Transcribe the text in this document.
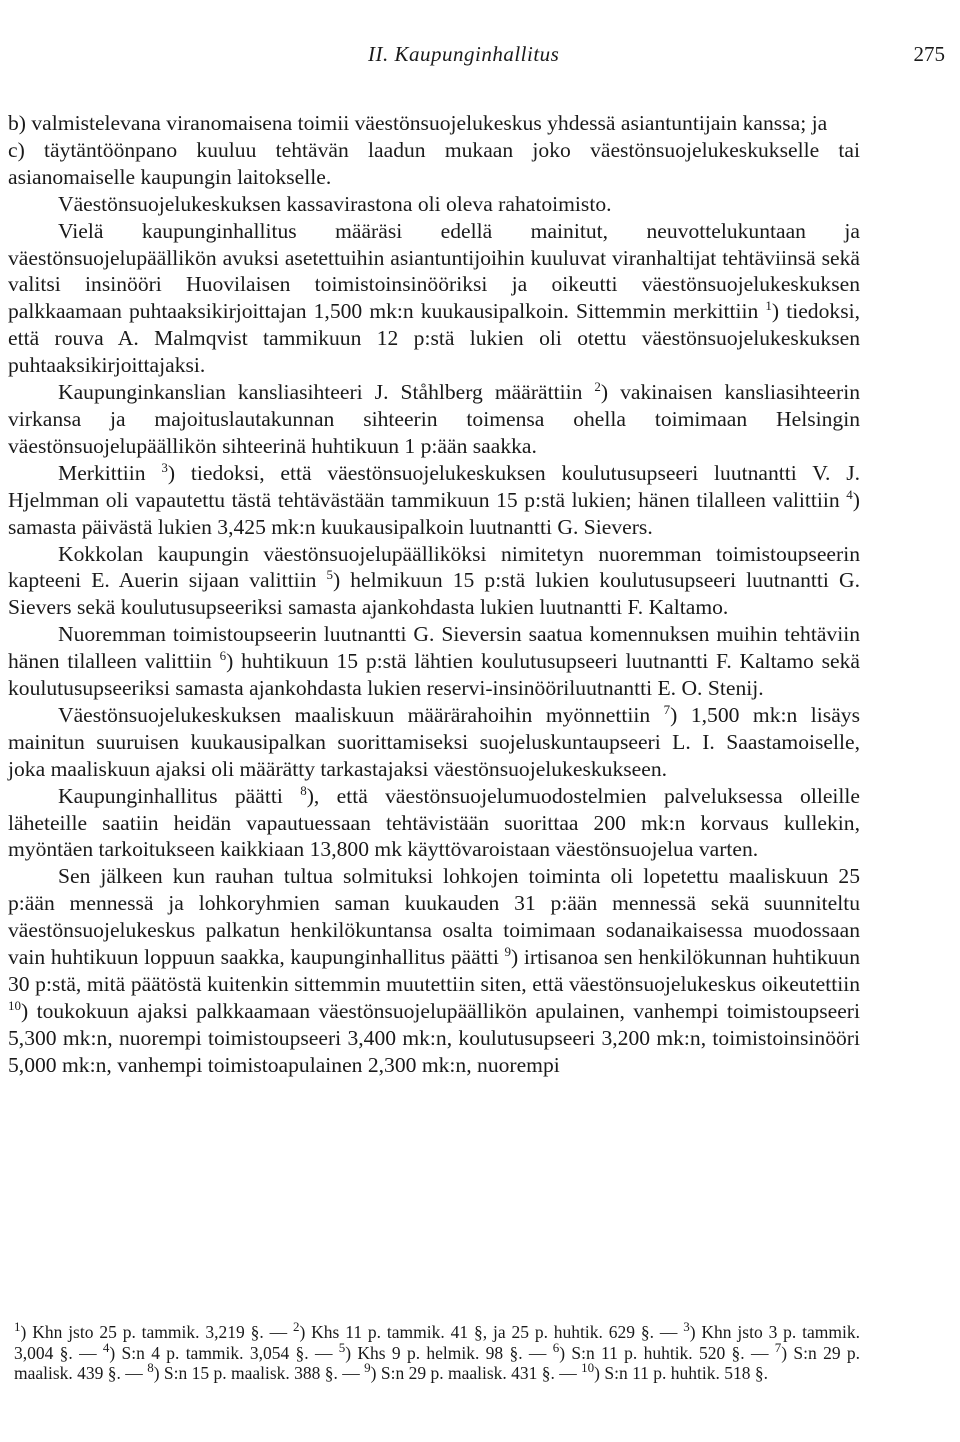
II. Kaupunginhallitus	275

b) valmistelevana viranomaisena toimii väestönsuojelukeskus yhdessä asiantuntijain kanssa; ja

c) täytäntöönpano kuuluu tehtävän laadun mukaan joko väestönsuojelukeskukselle tai asianomaiselle kaupungin laitokselle.

Väestönsuojelukeskuksen kassavirastona oli oleva rahatoimisto.

Vielä kaupunginhallitus määräsi edellä mainitut, neuvottelukuntaan ja väestönsuojelupäällikön avuksi asetettuihin asiantuntijoihin kuuluvat viranhaltijat tehtäviinsä sekä valitsi insinööri Huovilaisen toimistoinsinööriksi ja oikeutti väestönsuojelukeskuksen palkkaamaan puhtaaksikirjoittajan 1,500 mk:n kuukausipalkoin. Sittemmin merkittiin $^1$) tiedoksi, että rouva A. Malmqvist tammikuun 12 p:stä lukien oli otettu väestönsuojelukeskuksen puhtaaksikirjoittajaksi.

Kaupunginkanslian kansliasihteeri J. Ståhlberg määrättiin $^2$) vakinaisen kansliasihteerin virkansa ja majoituslautakunnan sihteerin toimensa ohella toimimaan Helsingin väestönsuojelupäällikön sihteerinä huhtikuun 1 p:ään saakka.

Merkittiin $^3$) tiedoksi, että väestönsuojelukeskuksen koulutusupseeri luutnantti V. J. Hjelmman oli vapautettu tästä tehtävästään tammikuun 15 p:stä lukien; hänen tilalleen valittiin $^4$) samasta päivästä lukien 3,425 mk:n kuukausipalkoin luutnantti G. Sievers.

Kokkolan kaupungin väestönsuojelupäälliköksi nimitetyn nuoremman toimistoupseerin kapteeni E. Auerin sijaan valittiin $^5$) helmikuun 15 p:stä lukien koulutusupseeri luutnantti G. Sievers sekä koulutusupseeriksi samasta ajankohdasta lukien luutnantti F. Kaltamo.

Nuoremman toimistoupseerin luutnantti G. Sieversin saatua komennuksen muihin tehtäviin hänen tilalleen valittiin $^6$) huhtikuun 15 p:stä lähtien koulutusupseeri luutnantti F. Kaltamo sekä koulutusupseeriksi samasta ajankohdasta lukien reservi-insinööriluutnantti E. O. Stenij.

Väestönsuojelukeskuksen maaliskuun määrärahoihin myönnettiin $^7$) 1,500 mk:n lisäys mainitun suuruisen kuukausipalkan suorittamiseksi suojeluskuntaupseeri L. I. Saastamoiselle, joka maaliskuun ajaksi oli määrätty tarkastajaksi väestönsuojelukeskukseen.

Kaupunginhallitus päätti $^8$), että väestönsuojelumuodostelmien palveluksessa olleille läheteille saatiin heidän vapautuessaan tehtävistään suorittaa 200 mk:n korvaus kullekin, myöntäen tarkoitukseen kaikkiaan 13,800 mk käyttövaroistaan väestönsuojelua varten.

Sen jälkeen kun rauhan tultua solmituksi lohkojen toiminta oli lopetettu maaliskuun 25 p:ään mennessä ja lohkoryhmien saman kuukauden 31 p:ään mennessä sekä suunniteltu väestönsuojelukeskus palkatun henkilökuntansa osalta toimimaan sodanaikaisessa muodossaan vain huhtikuun loppuun saakka, kaupunginhallitus päätti $^9$) irtisanoa sen henkilökunnan huhtikuun 30 p:stä, mitä päätöstä kuitenkin sittemmin muutettiin siten, että väestönsuojelukeskus oikeutettiin $^{10}$) toukokuun ajaksi palkkaamaan väestönsuojelupäällikön apulainen, vanhempi toimistoupseeri 5,300 mk:n, nuorempi toimistoupseeri 3,400 mk:n, koulutusupseeri 3,200 mk:n, toimistoinsinööri 5,000 mk:n, vanhempi toimistoapulainen 2,300 mk:n, nuorempi

$^1$) Khn jsto 25 p. tammik. 3,219 §. — $^2$) Khs 11 p. tammik. 41 §, ja 25 p. huhtik. 629 §. — $^3$) Khn jsto 3 p. tammik. 3,004 §. — $^4$) S:n 4 p. tammik. 3,054 §. — $^5$) Khs 9 p. helmik. 98 §. — $^6$) S:n 11 p. huhtik. 520 §. — $^7$) S:n 29 p. maalisk. 439 §. — $^8$) S:n 15 p. maalisk. 388 §. — $^9$) S:n 29 p. maalisk. 431 §. — $^{10}$) S:n 11 p. huhtik. 518 §.
